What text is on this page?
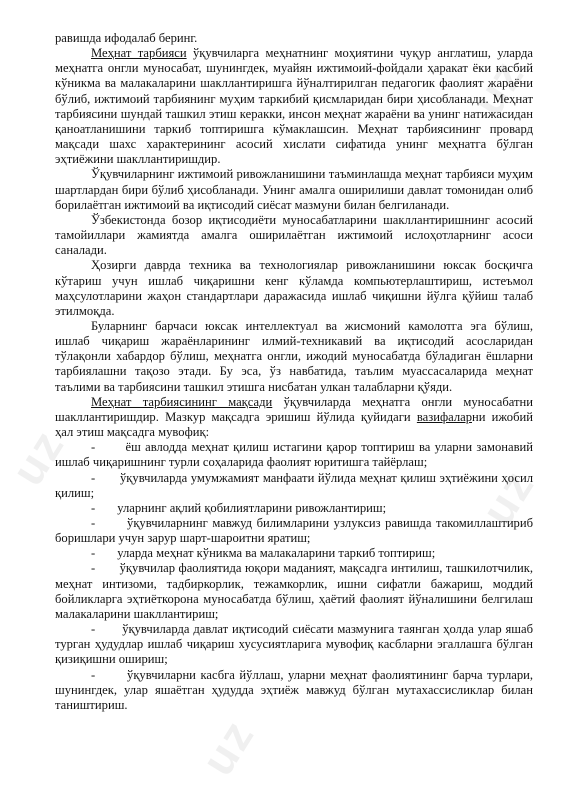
uz
uz
uz
uz

равишда ифодалаб беринг.

Меҳнат тарбияси ўқувчиларга меҳнатнинг моҳиятини чуқур англатиш, уларда меҳнатга онгли муносабат, шунингдек, муайян ижтимоий-фойдали ҳаракат ёки касбий кўникма ва малакаларини шакллантиришга йўналтирилган педагогик фаолият жараёни бўлиб, ижтимоий тарбиянинг муҳим таркибий қисмларидан бири ҳисобланади. Меҳнат тарбиясини шундай ташкил этиш керакки, инсон меҳнат жараёни ва унинг натижасидан қаноатланишини таркиб топтиришга кўмаклашсин. Меҳнат тарбиясининг провард мақсади шахс характерининг асосий хислати сифатида унинг меҳнатга бўлган эҳтиёжини шакллантиришдир.

Ўқувчиларнинг ижтимоий ривожланишини таъминлашда меҳнат тарбияси муҳим шартлардан бири бўлиб ҳисобланади. Унинг амалга оширилиши давлат томонидан олиб борилаётган ижтимоий ва иқтисодий сиёсат мазмуни билан белгиланади.

Ўзбекистонда бозор иқтисодиёти муносабатларини шакллантиришнинг асосий тамойиллари жамиятда амалга оширилаётган ижтимоий ислоҳотларнинг асоси саналади.

Ҳозирги даврда техника ва технологиялар ривожланишини юксак босқичга кўтариш учун ишлаб чиқаришни кенг кўламда компьютерлаштириш, истеъмол маҳсулотларини жаҳон стандартлари даражасида ишлаб чиқишни йўлга қўйиш талаб этилмоқда.

Буларнинг барчаси юксак интеллектуал ва жисмоний камолотга эга бўлиш, ишлаб чиқариш жараёнларининг илмий-техникавий ва иқтисодий асосларидан тўлақонли хабардор бўлиш, меҳнатга онгли, ижодий муносабатда бўладиган ёшларни тарбиялашни тақозо этади. Бу эса, ўз навбатида, таълим муассасаларида меҳнат таълими ва тарбиясини ташкил этишга нисбатан улкан талабларни қўяди.

Меҳнат тарбиясининг мақсади ўқувчиларда меҳнатга онгли муносабатни шакллантиришдир. Мазкур мақсадга эришиш йўлида қуйидаги вазифаларни ижобий ҳал этиш мақсадга мувофиқ:

- ёш авлодда меҳнат қилиш истагини қарор топтириш ва уларни замонавий ишлаб чиқаришнинг турли соҳаларида фаолият юритишга тайёрлаш;

- ўқувчиларда умумжамият манфаати йўлида меҳнат қилиш эҳтиёжини ҳосил қилиш;

- уларнинг ақлий қобилиятларини ривожлантириш;

-	ўқувчиларнинг мавжуд билимларини узлуксиз равишда такомиллаштириб боришлари учун зарур шарт-шароитни яратиш;

- уларда меҳнат кўникма ва малакаларини таркиб топтириш;

- ўқувчилар фаолиятида юқори маданият, мақсадга интилиш, ташкилотчилик, меҳнат интизоми, тадбиркорлик, тежамкорлик, ишни сифатли бажариш, моддий бойликларга эҳтиёткорона муносабатда бўлиш, ҳаётий фаолият йўналишини белгилаш малакаларини шакллантириш;

- ўқувчиларда давлат иқтисодий сиёсати мазмунига таянган ҳолда улар яшаб турган ҳудудлар ишлаб чиқариш хусусиятларига мувофиқ касбларни эгаллашга бўлган қизиқишни ошириш;

-	ўқувчиларни касбга йўллаш, уларни меҳнат фаолиятининг барча турлари, шунингдек, улар яшаётган ҳудудда эҳтиёж мавжуд бўлган мутахассисликлар билан таништириш.
